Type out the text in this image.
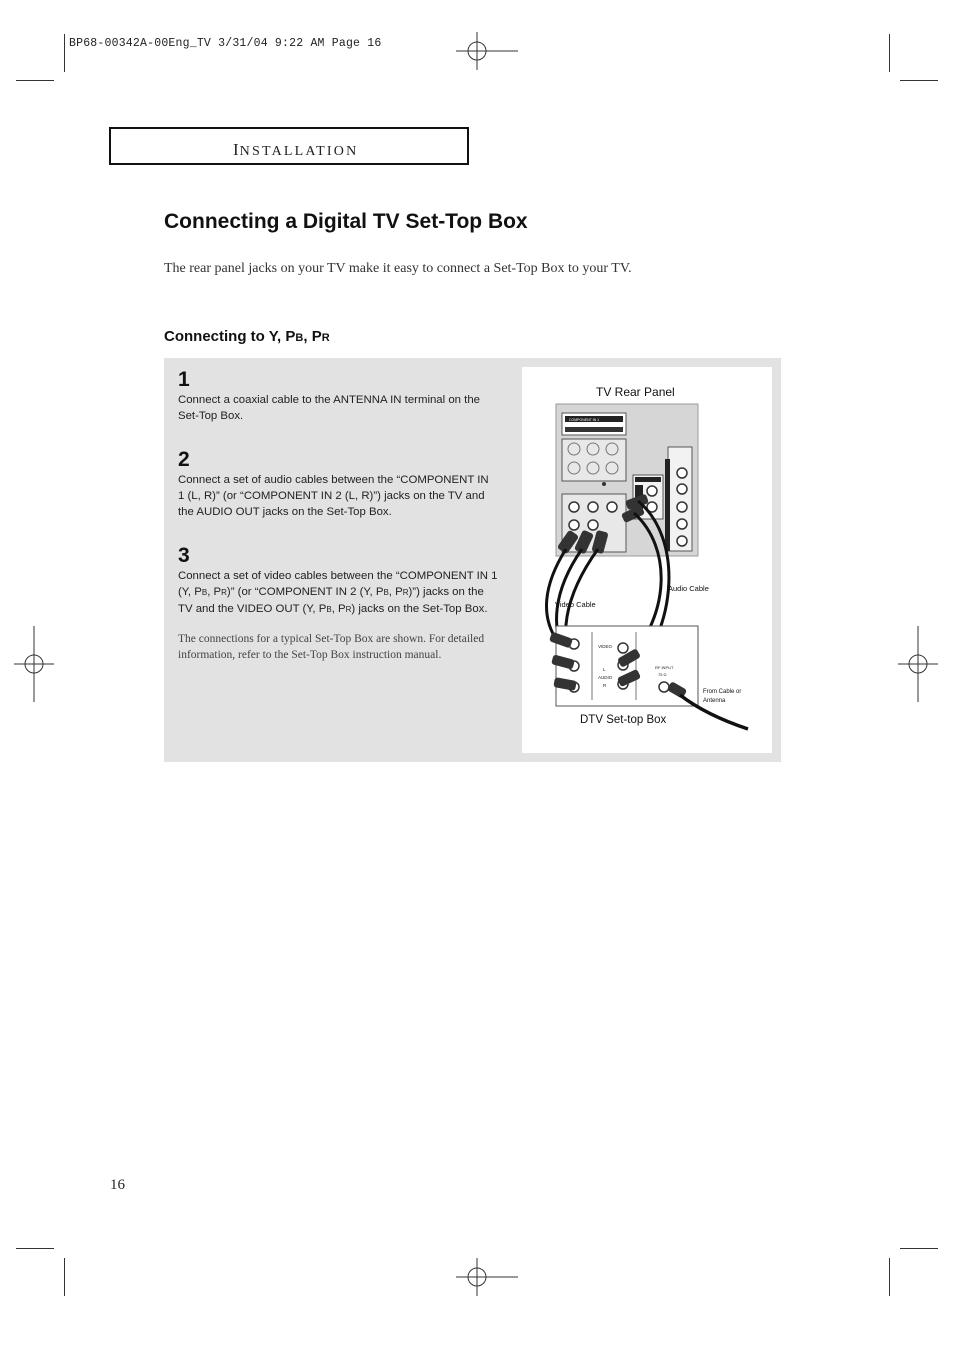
BP68-00342A-00Eng_TV 3/31/04 9:22 AM Page 16
INSTALLATION
Connecting a Digital TV Set-Top Box
The rear panel jacks on your TV make it easy to connect a Set-Top Box to your TV.
Connecting to Y, PB, PR
1
Connect a coaxial cable to the ANTENNA IN terminal on the Set-Top Box.
2
Connect a set of audio cables between the “COMPONENT IN 1 (L, R)” (or “COMPONENT IN 2 (L, R)”) jacks on the TV and the AUDIO OUT jacks on the Set-Top Box.
3
Connect a set of video cables between the “COMPONENT IN 1 (Y, PB, PR)” (or “COMPONENT IN 2 (Y, PB, PR)”) jacks on the TV and the VIDEO OUT (Y, PB, PR) jacks on the Set-Top Box.
The connections for a typical Set-Top Box are shown. For detailed information, refer to the Set-Top Box instruction manual.
TV Rear Panel
COMPONENT IN 1
Video Cable
Audio Cable
VIDEO
L
AUDIO
R
RF INPUT
75 Ω
From Cable or
Antenna
DTV Set-top Box
16
